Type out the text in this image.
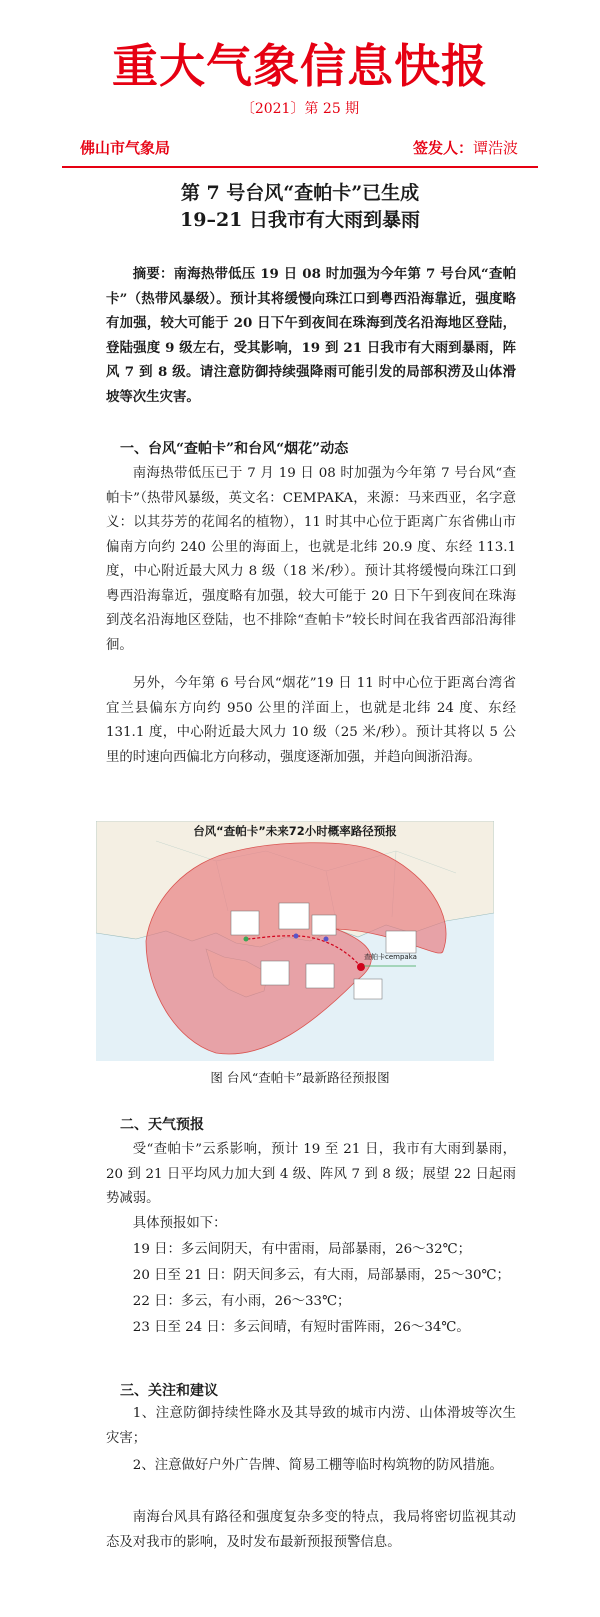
重大气象信息快报
〔2021〕第 25 期
佛山市气象局	签发人：谭浩波
第 7 号台风“查帕卡”已生成
19–21 日我市有大雨到暴雨

摘要：南海热带低压 19 日 08 时加强为今年第 7 号台风“查帕卡”（热带风暴级）。预计其将缓慢向珠江口到粤西沿海靠近，强度略有加强，较大可能于 20 日下午到夜间在珠海到茂名沿海地区登陆，登陆强度 9 级左右，受其影响，19 到 21 日我市有大雨到暴雨，阵风 7 到 8 级。请注意防御持续强降雨可能引发的局部积涝及山体滑坡等次生灾害。

一、台风“查帕卡”和台风“烟花”动态

南海热带低压已于 7 月 19 日 08 时加强为今年第 7 号台风“查帕卡”（热带风暴级，英文名：CEMPAKA，来源：马来西亚，名字意义：以其芬芳的花闻名的植物），11 时其中心位于距离广东省佛山市偏南方向约 240 公里的海面上，也就是北纬 20.9 度、东经 113.1 度，中心附近最大风力 8 级（18 米/秒）。预计其将缓慢向珠江口到粤西沿海靠近，强度略有加强，较大可能于 20 日下午到夜间在珠海到茂名沿海地区登陆，也不排除“查帕卡”较长时间在我省西部沿海徘徊。

另外，今年第 6 号台风“烟花”19 日 11 时中心位于距离台湾省宜兰县偏东方向约 950 公里的洋面上，也就是北纬 24 度、东经 131.1 度，中心附近最大风力 10 级（25 米/秒）。预计其将以 5 公里的时速向西偏北方向移动，强度逐渐加强，并趋向闽浙沿海。

台风“查帕卡”未来72小时概率路径预报
查帕卡cempaka
图 台风“查帕卡”最新路径预报图
二、天气预报

受“查帕卡”云系影响，预计 19 至 21 日，我市有大雨到暴雨，20 到 21 日平均风力加大到 4 级、阵风 7 到 8 级；展望 22 日起雨势减弱。

具体预报如下：
19 日：多云间阴天，有中雷雨，局部暴雨，26～32℃；
20 日至 21 日：阴天间多云，有大雨，局部暴雨，25～30℃；
22 日：多云，有小雨，26～33℃；
23 日至 24 日：多云间晴，有短时雷阵雨，26～34℃。
三、关注和建议

1、注意防御持续性降水及其导致的城市内涝、山体滑坡等次生灾害；

2、注意做好户外广告牌、简易工棚等临时构筑物的防风措施。

南海台风具有路径和强度复杂多变的特点，我局将密切监视其动态及对我市的影响，及时发布最新预报预警信息。
